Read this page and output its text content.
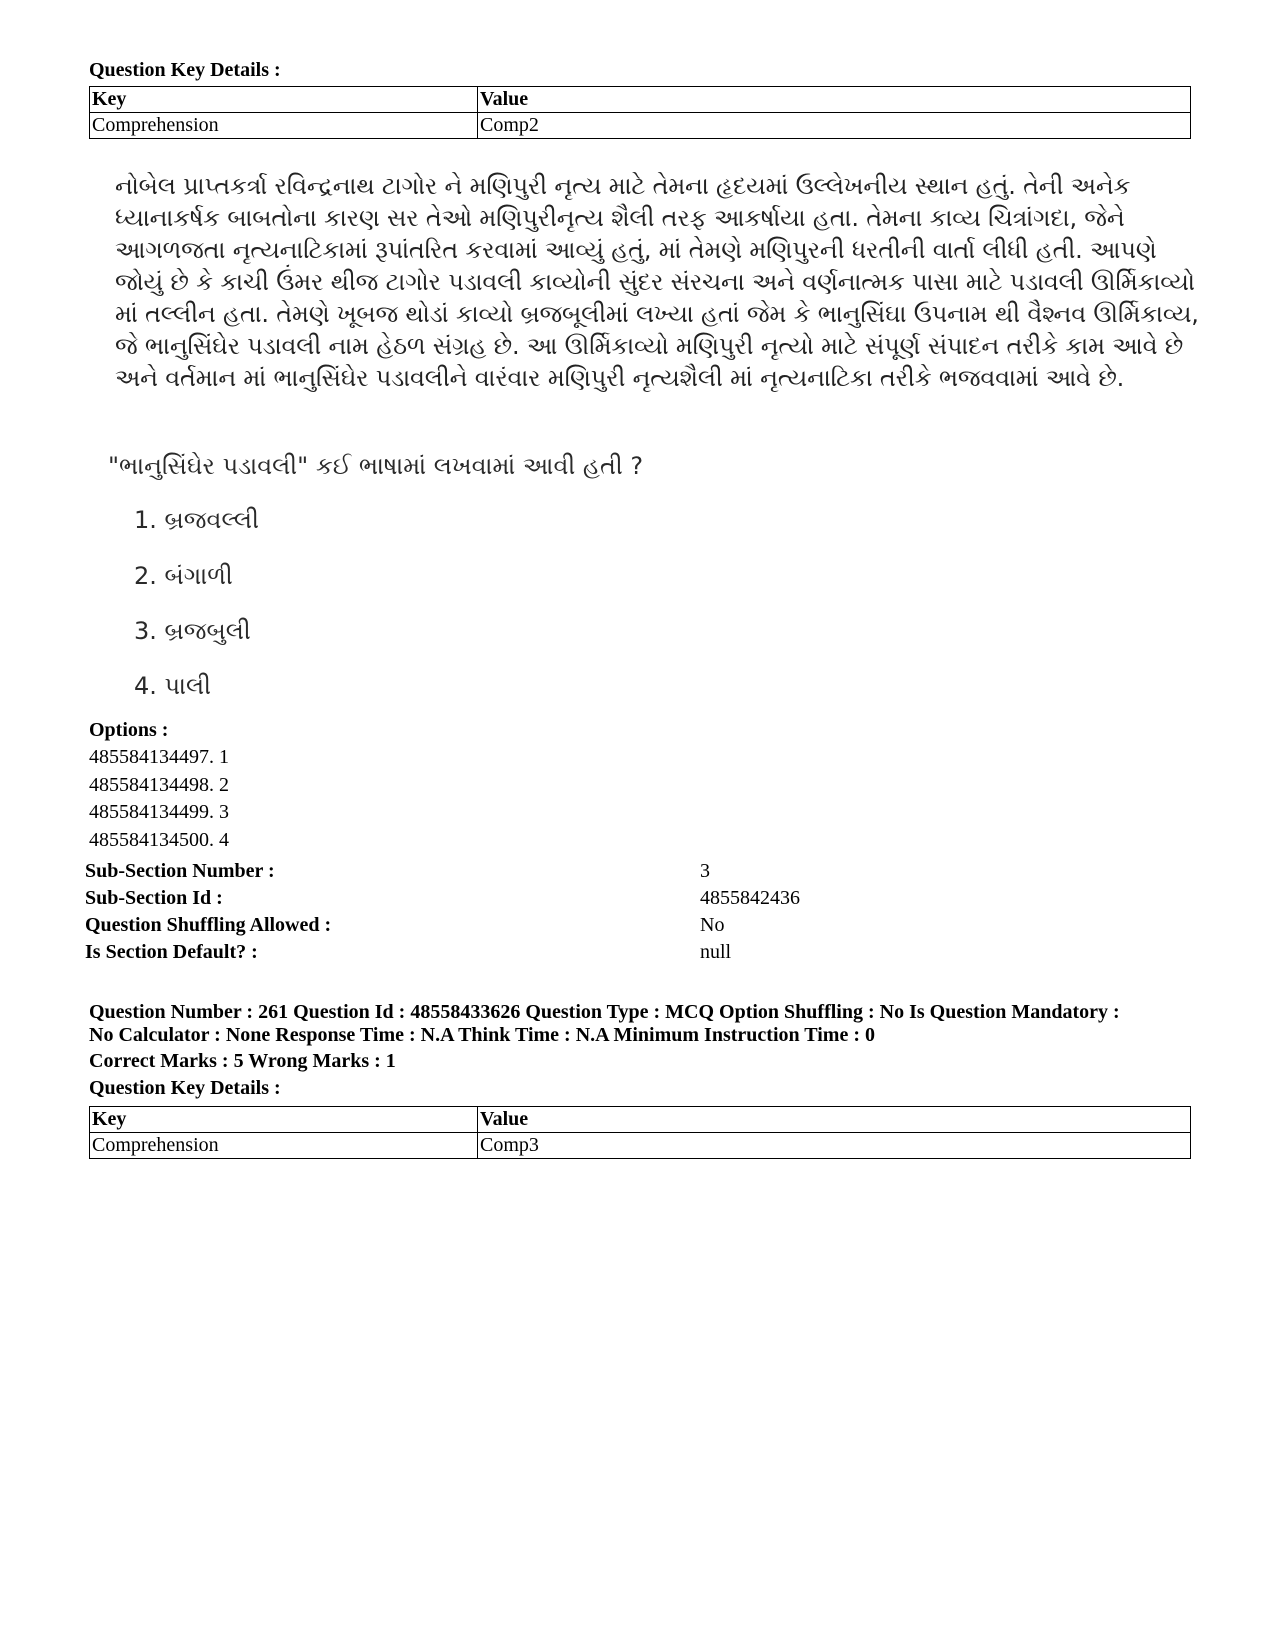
Question Key Details :
Key	Value
Comprehension	Comp2
નોબેલ પ્રાપ્તકર્ત્રા રવિન્દ્રનાથ ટાગોર ને મણિપુરી નૃત્ય માટે તેમના હૃદયમાં ઉલ્લેખનીય સ્થાન હતું. તેની અનેક
ધ્યાનાકર્ષક બાબતોના કારણ સર તેઓ મણિપુરીનૃત્ય શૈલી તરફ આકર્ષાયા હતા. તેમના કાવ્ય ચિત્રાંગદા, જેને
આગળજતા નૃત્યનાટિકામાં રૂપાંતરિત કરવામાં આવ્યું હતું, માં તેમણે મણિપુરની ધરતીની વાર્તા લીધી હતી. આપણે
જોયું છે કે કાચી ઉંમર થીજ ટાગોર પડાવલી કાવ્યોની સુંદર સંરચના અને વર્ણનાત્મક પાસા માટે પડાવલી ઊર્મિકાવ્યો
માં તલ્લીન હતા. તેમણે ખૂબજ થોડાં કાવ્યો બ્રજબૂલીમાં લખ્યા હતાં જેમ કે ભાનુસિંઘા ઉપનામ થી વૈશ્નવ ઊર્મિકાવ્ય,
જે ભાનુસિંઘેર પડાવલી નામ હેઠળ સંગ્રહ છે. આ ઊર્મિકાવ્યો મણિપુરી નૃત્યો માટે સંપૂર્ણ સંપાદન તરીકે કામ આવે છે
અને વર્તમાન માં ભાનુસિંઘેર પડાવલીને વારંવાર મણિપુરી નૃત્યશૈલી માં નૃત્યનાટિકા તરીકે ભજવવામાં આવે છે.
"ભાનુસિંઘેર પડાવલી" કઈ ભાષામાં લખવામાં આવી હતી ?
1. બ્રજવલ્લી
2. બંગાળી
3. બ્રજબુલી
4. પાલી
Options :
485584134497. 1
485584134498. 2
485584134499. 3
485584134500. 4
Sub-Section Number :	3
Sub-Section Id :	4855842436
Question Shuffling Allowed :	No
Is Section Default? :	null
Question Number : 261 Question Id : 48558433626 Question Type : MCQ Option Shuffling : No Is Question Mandatory :
No Calculator : None Response Time : N.A Think Time : N.A Minimum Instruction Time : 0
Correct Marks : 5 Wrong Marks : 1
Question Key Details :
Key	Value
Comprehension	Comp3
